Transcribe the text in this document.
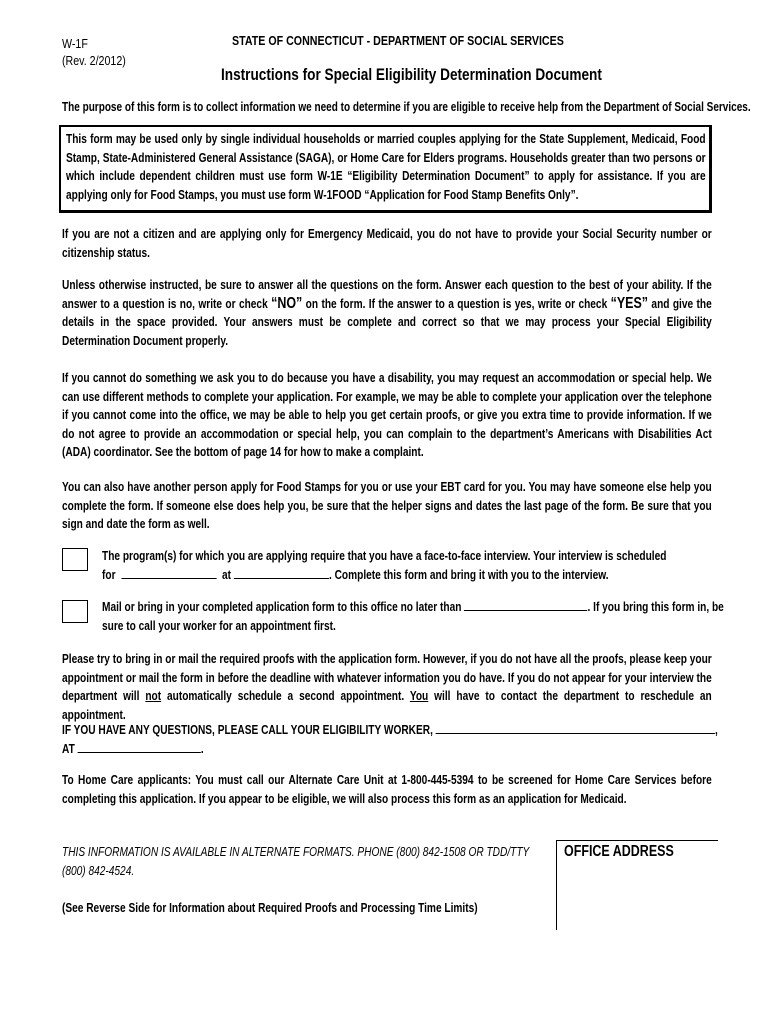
W-1F
(Rev. 2/2012)
STATE OF CONNECTICUT - DEPARTMENT OF SOCIAL SERVICES
Instructions for Special Eligibility Determination Document
The purpose of this form is to collect information we need to determine if you are eligible to receive help from the Department of Social Services.

This form may be used only by single individual households or married couples applying for the State Supplement, Medicaid, Food Stamp, State-Administered General Assistance (SAGA), or Home Care for Elders programs. Households greater than two persons or which include dependent children must use form W-1E “Eligibility Determination Document” to apply for assistance. If you are applying only for Food Stamps, you must use form W-1FOOD “Application for Food Stamp Benefits Only”.

If you are not a citizen and are applying only for Emergency Medicaid, you do not have to provide your Social Security number or citizenship status.

Unless otherwise instructed, be sure to answer all the questions on the form. Answer each question to the best of your ability. If the answer to a question is no, write or check “NO” on the form. If the answer to a question is yes, write or check “YES” and give the details in the space provided. Your answers must be complete and correct so that we may process your Special Eligibility Determination Document properly.

If you cannot do something we ask you to do because you have a disability, you may request an accommodation or special help. We can use different methods to complete your application. For example, we may be able to complete your application over the telephone if you cannot come into the office, we may be able to help you get certain proofs, or give you extra time to provide information. If we do not agree to provide an accommodation or special help, you can complain to the department’s Americans with Disabilities Act (ADA) coordinator. See the bottom of page 14 for how to make a complaint.

You can also have another person apply for Food Stamps for you or use your EBT card for you. You may have someone else help you complete the form. If someone else does help you, be sure that the helper signs and dates the last page of the form. Be sure that you sign and date the form as well.

The program(s) for which you are applying require that you have a face-to-face interview. Your interview is scheduled
for	at	. Complete this form and bring it with you to the interview.
Mail or bring in your completed application form to this office no later than	. If you bring this form in, be
sure to call your worker for an appointment first.

Please try to bring in or mail the required proofs with the application form. However, if you do not have all the proofs, please keep your appointment or mail the form in before the deadline with whatever information you do have. If you do not appear for your interview the department will not automatically schedule a second appointment. You will have to contact the department to reschedule an appointment.

IF YOU HAVE ANY QUESTIONS, PLEASE CALL YOUR ELIGIBILITY WORKER,	,
AT	.

To Home Care applicants: You must call our Alternate Care Unit at 1-800-445-5394 to be screened for Home Care Services before completing this application. If you appear to be eligible, we will also process this form as an application for Medicaid.

THIS INFORMATION IS AVAILABLE IN ALTERNATE FORMATS. PHONE (800) 842-1508 OR TDD/TTY (800) 842-4524.

(See Reverse Side for Information about Required Proofs and Processing Time Limits)
OFFICE ADDRESS
